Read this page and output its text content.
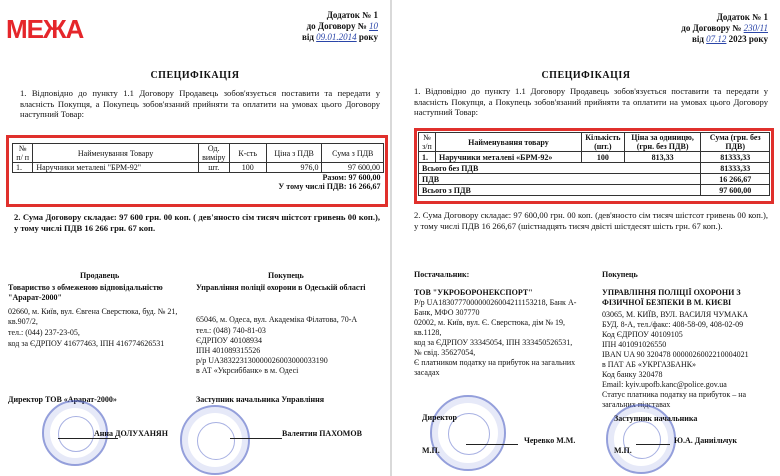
МЕЖА	Додаток № 1
до Договору № 10
від 09.01.2014 року
СПЕЦИФІКАЦІЯ
1. Відповідно до пункту 1.1 Договору Продавець зобов'язується поставити та передати у власність Покупця, а Покупець зобов'язаний прийняти та оплатити на умовах цього Договору наступний Товар:
№ п/ п	Найменування Товару	Од. виміру	К-сть	Ціна з ПДВ	Сума з ПДВ
1.	Наручники металеві "БРМ-92"	шт.	100	976,0	97 600,00
Разом: 97 600,00					
У тому числі ПДВ: 16 266,67					
2. Сума Договору складає: 97 600 грн. 00 коп. ( дев'яносто сім тисяч шістсот гривень 00 коп.), у тому числі ПДВ 16 266 грн. 67 коп.
Продавець
Товариство з обмеженою відповідальністю "Арарат-2000"
02660, м. Київ, вул. Євгена Сверстюка, буд. № 21, кв.907/2,
тел.: (044) 237-23-05,
код за ЄДРПОУ 41677463, ІПН 416774626531
Директор ТОВ «Арарат-2000»
Анна ДОЛУХАНЯН
Покупець
Управління поліції охорони в Одеській області
65046, м. Одеса, вул. Академіка Філатова, 70-А
тел.: (048) 740-81-03
ЄДРПОУ 40108934
ІПН 401089315526
р/р UA383223130000026003000033190
в АТ «Укрсиббанк» в м. Одесі
Заступник начальника Управління
Валентин ПАХОМОВ
Додаток № 1
до Договору № 230/11
від 07.12 2023 року
СПЕЦИФІКАЦІЯ
1. Відповідно до пункту 1.1 Договору Продавець зобов'язується поставити та передати у власність Покупця, а Покупець зобов'язаний прийняти та оплатити на умовах цього Договору наступний Товар:
№ з/п	Найменування товару	Кількість (шт.)	Ціна за одиницю, (грн. без ПДВ)	Сума (грн. без ПДВ)
1.	Наручники металеві «БРМ-92»	100	813,33	81333,33
Всього без ПДВ				81333,33
ПДВ				16 266,67
Всього з ПДВ				97 600,00
2. Сума Договору складає: 97 600,00 грн. 00 коп. (дев'яносто сім тисяч шістсот гривень 00 коп.), у тому числі ПДВ 16 266,67 (шістнадцять тисяч двісті шістдесят шість грн. 67 коп.).
Постачальник:
ТОВ "УКРОБОРОНЕКСПОРТ"
Р/р UA183077700000026004211153218, Банк А-Банк, МФО 307770
02002, м. Київ, вул. Є. Сверстюка, дім № 19, кв.1128,
код за ЄДРПОУ 33345054, ІПН 333450526531,
№ свід. 35627054,
Є платником податку на прибуток на загальних засадах
Директор
Черевко М.М.
М.П.
Покупець
УПРАВЛІННЯ ПОЛІЦІЇ ОХОРОНИ З ФІЗИЧНОЇ БЕЗПЕКИ В М. КИЄВІ
03065, М. КИЇВ, ВУЛ. ВАСИЛЯ ЧУМАКА
БУД. 8-А, тел./факс: 408-58-09, 408-02-09
Код ЄДРПОУ 40109105
ІПН 401091026550
IBAN UA 90 320478 0000026002210004021
в ПАТ АБ «УКРГАЗБАНК»
Код банку 320478
Email: kyiv.upofb.kanc@police.gov.ua
Статус платника податку на прибуток – на загальних підставах
Заступник начальника
Ю.А. Даниільчук
М.П.
